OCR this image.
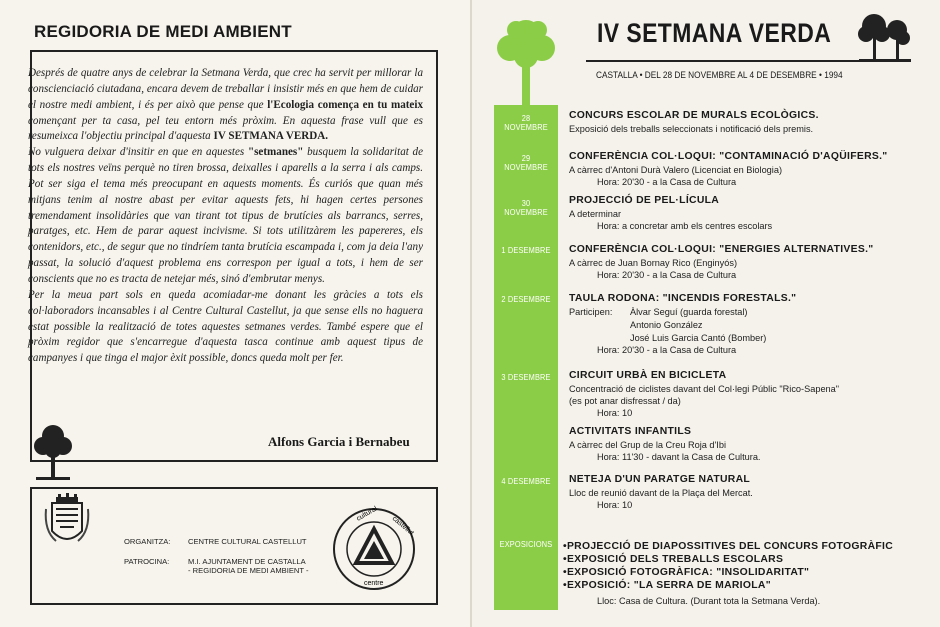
REGIDORIA DE MEDI AMBIENT

Després de quatre anys de celebrar la Setmana Verda, que crec ha servit per millorar la conscienciació ciutadana, encara devem de treballar i insistir més en que hem de cuidar el nostre medi ambient, i és per això que pense que l'Ecologia comença en tu mateix començant per ta casa, pel teu entorn més pròxim. En aquesta frase vull que es resumeixca l'objectiu principal d'aquesta IV SETMANA VERDA.

No vulguera deixar d'insitir en que en aquestes "setmanes" busquem la solidaritat de tots els nostres veïns perquè no tiren brossa, deixalles i aparells a la serra i als camps. Pot ser siga el tema més preocupant en aquests moments. És curiós que quan més mitjans tenim al nostre abast per evitar aquests fets, hi hagen certes persones tremendament insolidàries que van tirant tot tipus de brutícies als barrancs, serres, paratges, etc. Hem de parar aquest incivisme. Si tots utilitzàrem les papereres, els contenidors, etc., de segur que no tindríem tanta brutícia escampada i, com ja deia l'any passat, la solució d'aquest problema ens correspon per igual a tots, i hem de ser conscients que no es tracta de netejar més, sinó d'embrutar menys.

Per la meua part sols en queda acomiadar-me donant les gràcies a tots els col·laboradors incansables i al Centre Cultural Castellut, ja que sense ells no haguera estat possible la realització de totes aquestes setmanes verdes. També espere que el pròxim regidor que s'encarregue d'aquesta tasca continue amb aquest tipus de campanyes i que tinga el major èxit possible, doncs queda molt per fer.

Alfons Garcia i Bernabeu
ORGANITZA: CENTRE CULTURAL CASTELLUT
PATROCINA: M.I. AJUNTAMENT DE CASTALLA
- REGIDORIA DE MEDI AMBIENT -
cultural
castellut
centre
IV SETMANA VERDA
CASTALLA • DEL 28 DE NOVEMBRE AL 4 DE DESEMBRE • 1994
28 NOVEMBRE
29 NOVEMBRE
30 NOVEMBRE
1 DESEMBRE
2 DESEMBRE
3 DESEMBRE
4 DESEMBRE
EXPOSICIONS
CONCURS ESCOLAR DE MURALS ECOLÒGICS.
Exposició dels treballs seleccionats i notificació dels premis.
CONFERÈNCIA COL·LOQUI: "CONTAMINACIÓ D'AQÜIFERS."
A càrrec d'Antoni Durà Valero (Licenciat en Biologia)
Hora: 20'30 - a la Casa de Cultura
PROJECCIÓ DE PEL·LÍCULA
A determinar
Hora: a concretar amb els centres escolars
CONFERÈNCIA COL·LOQUI: "ENERGIES ALTERNATIVES."
A càrrec de Juan Bornay Rico (Enginyós)
Hora: 20'30 - a la Casa de Cultura
TAULA RODONA: "INCENDIS FORESTALS."
Participen: Àlvar Seguí (guarda forestal)
Antonio González
José Luis Garcia Cantó (Bomber)
Hora: 20'30 - a la Casa de Cultura
CIRCUIT URBÀ EN BICICLETA
Concentració de ciclistes davant del Col·legi Públic "Rico-Sapena"
(es pot anar disfressat / da)
Hora: 10
ACTIVITATS INFANTILS
A càrrec del Grup de la Creu Roja d'Ibi
Hora: 11'30 - davant la Casa de Cultura.
NETEJA D'UN PARATGE NATURAL
Lloc de reunió davant de la Plaça del Mercat.
Hora: 10
•PROJECCIÓ DE DIAPOSSITIVES DEL CONCURS FOTOGRÀFIC
•EXPOSICIÓ DELS TREBALLS ESCOLARS
•EXPOSICIÓ FOTOGRÀFICA: "INSOLIDARITAT"
•EXPOSICIÓ: "LA SERRA DE MARIOLA"
Lloc: Casa de Cultura. (Durant tota la Setmana Verda).
